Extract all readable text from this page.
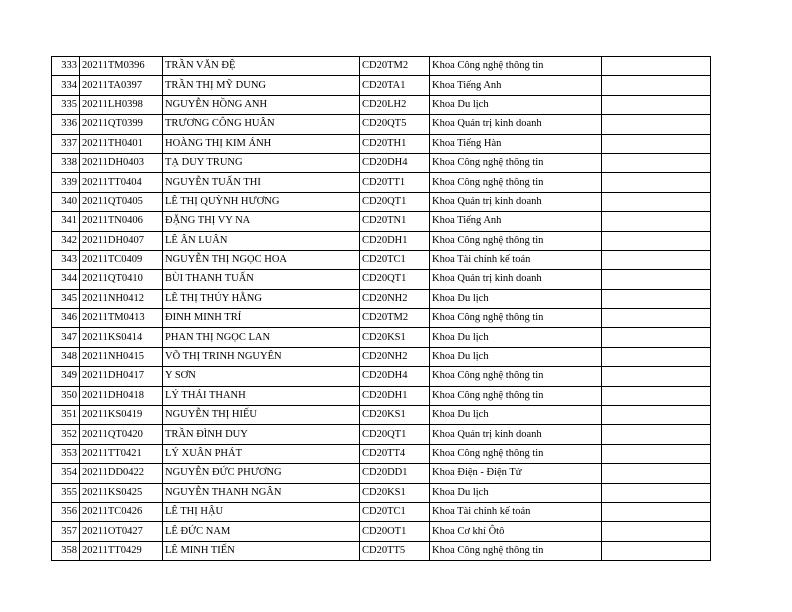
333	20211TM0396	TRẦN VĂN ĐỆ	CD20TM2	Khoa Công nghệ thông tin	
334	20211TA0397	TRẦN THỊ MỸ DUNG	CD20TA1	Khoa Tiếng Anh	
335	20211LH0398	NGUYỄN HỒNG ANH	CD20LH2	Khoa Du lịch	
336	20211QT0399	TRƯƠNG CÔNG HUÂN	CD20QT5	Khoa Quản trị kinh doanh	
337	20211TH0401	HOÀNG THỊ KIM ÁNH	CD20TH1	Khoa Tiếng Hàn	
338	20211DH0403	TẠ DUY TRUNG	CD20DH4	Khoa Công nghệ thông tin	
339	20211TT0404	NGUYỄN TUẤN THI	CD20TT1	Khoa Công nghệ thông tin	
340	20211QT0405	LÊ THỊ QUỲNH HƯƠNG	CD20QT1	Khoa Quản trị kinh doanh	
341	20211TN0406	ĐẶNG THỊ VY NA	CD20TN1	Khoa Tiếng Anh	
342	20211DH0407	LÊ ÂN LUÂN	CD20DH1	Khoa Công nghệ thông tin	
343	20211TC0409	NGUYỄN THỊ NGỌC HOA	CD20TC1	Khoa Tài chính kế toán	
344	20211QT0410	BÙI THANH TUẤN	CD20QT1	Khoa Quản trị kinh doanh	
345	20211NH0412	LÊ THỊ THÚY HẰNG	CD20NH2	Khoa Du lịch	
346	20211TM0413	ĐINH MINH TRÍ	CD20TM2	Khoa Công nghệ thông tin	
347	20211KS0414	PHAN THỊ NGỌC LAN	CD20KS1	Khoa Du lịch	
348	20211NH0415	VÕ THỊ TRINH NGUYÊN	CD20NH2	Khoa Du lịch	
349	20211DH0417	Y SƠN	CD20DH4	Khoa Công nghệ thông tin	
350	20211DH0418	LÝ THÁI THANH	CD20DH1	Khoa Công nghệ thông tin	
351	20211KS0419	NGUYỄN THỊ HIẾU	CD20KS1	Khoa Du lịch	
352	20211QT0420	TRẦN ĐÌNH DUY	CD20QT1	Khoa Quản trị kinh doanh	
353	20211TT0421	LÝ XUÂN PHÁT	CD20TT4	Khoa Công nghệ thông tin	
354	20211DD0422	NGUYỄN ĐỨC PHƯƠNG	CD20DD1	Khoa Điện - Điện Tử	
355	20211KS0425	NGUYỄN THANH NGÂN	CD20KS1	Khoa Du lịch	
356	20211TC0426	LÊ THỊ HẬU	CD20TC1	Khoa Tài chính kế toán	
357	20211OT0427	LÊ ĐỨC NAM	CD20OT1	Khoa Cơ khí Ôtô	
358	20211TT0429	LÊ MINH TIẾN	CD20TT5	Khoa Công nghệ thông tin	
